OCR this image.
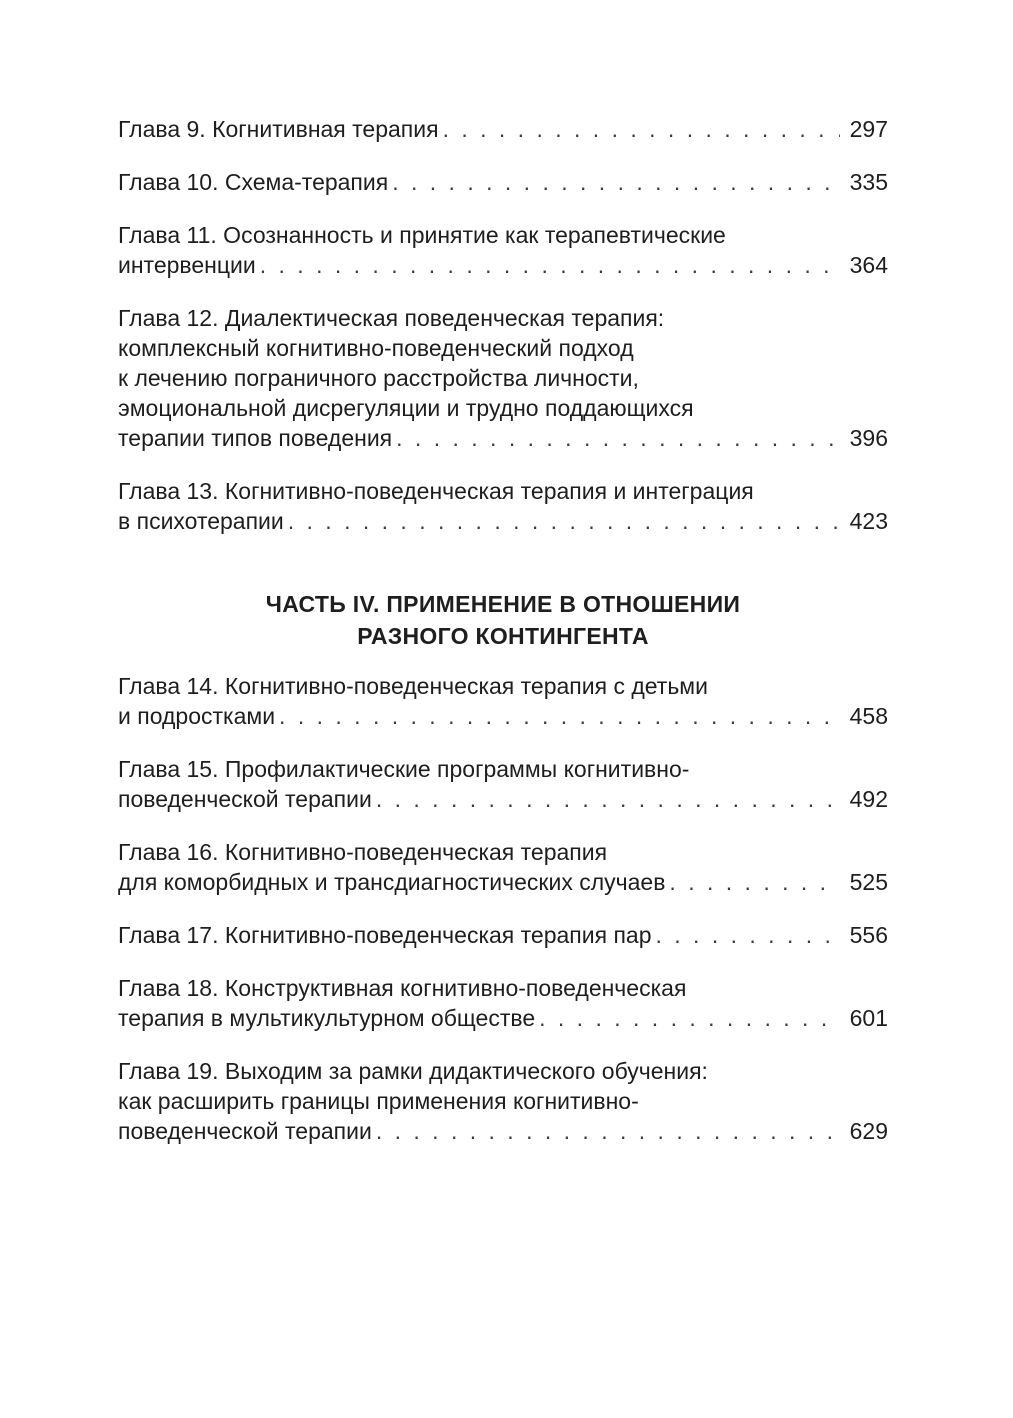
Глава 9. Когнитивная терапия . . .	297
Глава 10. Схема-терапия . . .	335
Глава 11. Осознанность и принятие как терапевтические
интервенции . . .	364
Глава 12. Диалектическая поведенческая терапия:
комплексный когнитивно-поведенческий подход
к лечению пограничного расстройства личности,
эмоциональной дисрегуляции и трудно поддающихся
терапии типов поведения . . .	396
Глава 13. Когнитивно-поведенческая терапия и интеграция
в психотерапии . . .	423
ЧАСТЬ IV. ПРИМЕНЕНИЕ В ОТНОШЕНИИ
РАЗНОГО КОНТИНГЕНТА
Глава 14. Когнитивно-поведенческая терапия с детьми
и подростками . . .	458
Глава 15. Профилактические программы когнитивно-
поведенческой терапии . . .	492
Глава 16. Когнитивно-поведенческая терапия
для коморбидных и трансдиагностических случаев . . .	525
Глава 17. Когнитивно-поведенческая терапия пар . . .	556
Глава 18. Конструктивная когнитивно-поведенческая
терапия в мультикультурном обществе . . .	601
Глава 19. Выходим за рамки дидактического обучения:
как расширить границы применения когнитивно-
поведенческой терапии . . .	629
